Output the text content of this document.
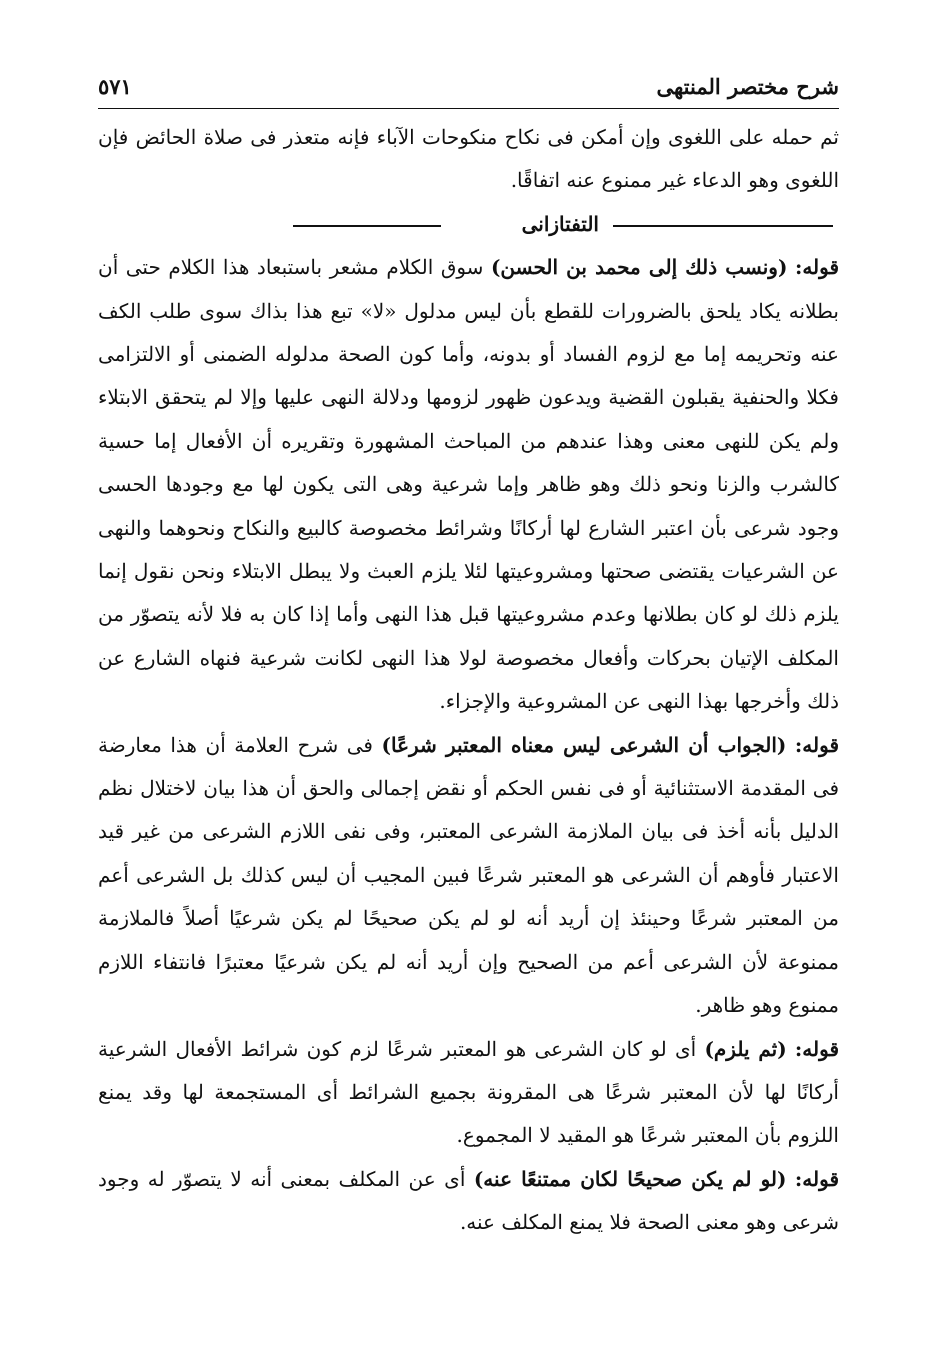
شرح مختصر المنتهى
٥٧١

ثم حمله على اللغوى وإن أمكن فى نكاح منكوحات الآباء فإنه متعذر فى صلاة الحائض فإن اللغوى وهو الدعاء غير ممنوع عنه اتفاقًا.

التفتازانى

قوله: (ونسب ذلك إلى محمد بن الحسن) سوق الكلام مشعر باستبعاد هذا الكلام حتى أن بطلانه يكاد يلحق بالضرورات للقطع بأن ليس مدلول «لا» تبع هذا بذاك سوى طلب الكف عنه وتحريمه إما مع لزوم الفساد أو بدونه، وأما كون الصحة مدلوله الضمنى أو الالتزامى فكلا والحنفية يقبلون القضية ويدعون ظهور لزومها ودلالة النهى عليها وإلا لم يتحقق الابتلاء ولم يكن للنهى معنى وهذا عندهم من المباحث المشهورة وتقريره أن الأفعال إما حسية كالشرب والزنا ونحو ذلك وهو ظاهر وإما شرعية وهى التى يكون لها مع وجودها الحسى وجود شرعى بأن اعتبر الشارع لها أركانًا وشرائط مخصوصة كالبيع والنكاح ونحوهما والنهى عن الشرعيات يقتضى صحتها ومشروعيتها لئلا يلزم العبث ولا يبطل الابتلاء ونحن نقول إنما يلزم ذلك لو كان بطلانها وعدم مشروعيتها قبل هذا النهى وأما إذا كان به فلا لأنه يتصوّر من المكلف الإتيان بحركات وأفعال مخصوصة لولا هذا النهى لكانت شرعية فنهاه الشارع عن ذلك وأخرجها بهذا النهى عن المشروعية والإجزاء.

قوله: (الجواب أن الشرعى ليس معناه المعتبر شرعًا) فى شرح العلامة أن هذا معارضة فى المقدمة الاستثنائية أو فى نفس الحكم أو نقض إجمالى والحق أن هذا بيان لاختلال نظم الدليل بأنه أخذ فى بيان الملازمة الشرعى المعتبر، وفى نفى اللازم الشرعى من غير قيد الاعتبار فأوهم أن الشرعى هو المعتبر شرعًا فبين المجيب أن ليس كذلك بل الشرعى أعم من المعتبر شرعًا وحينئذ إن أريد أنه لو لم يكن صحيحًا لم يكن شرعيًا أصلاً فالملازمة ممنوعة لأن الشرعى أعم من الصحيح وإن أريد أنه لم يكن شرعيًا معتبرًا فانتفاء اللازم ممنوع وهو ظاهر.

قوله: (ثم يلزم) أى لو كان الشرعى هو المعتبر شرعًا لزم كون شرائط الأفعال الشرعية أركانًا لها لأن المعتبر شرعًا هى المقرونة بجميع الشرائط أى المستجمعة لها وقد يمنع اللزوم بأن المعتبر شرعًا هو المقيد لا المجموع.

قوله: (لو لم يكن صحيحًا لكان ممتنعًا عنه) أى عن المكلف بمعنى أنه لا يتصوّر له وجود شرعى وهو معنى الصحة فلا يمنع المكلف عنه.
